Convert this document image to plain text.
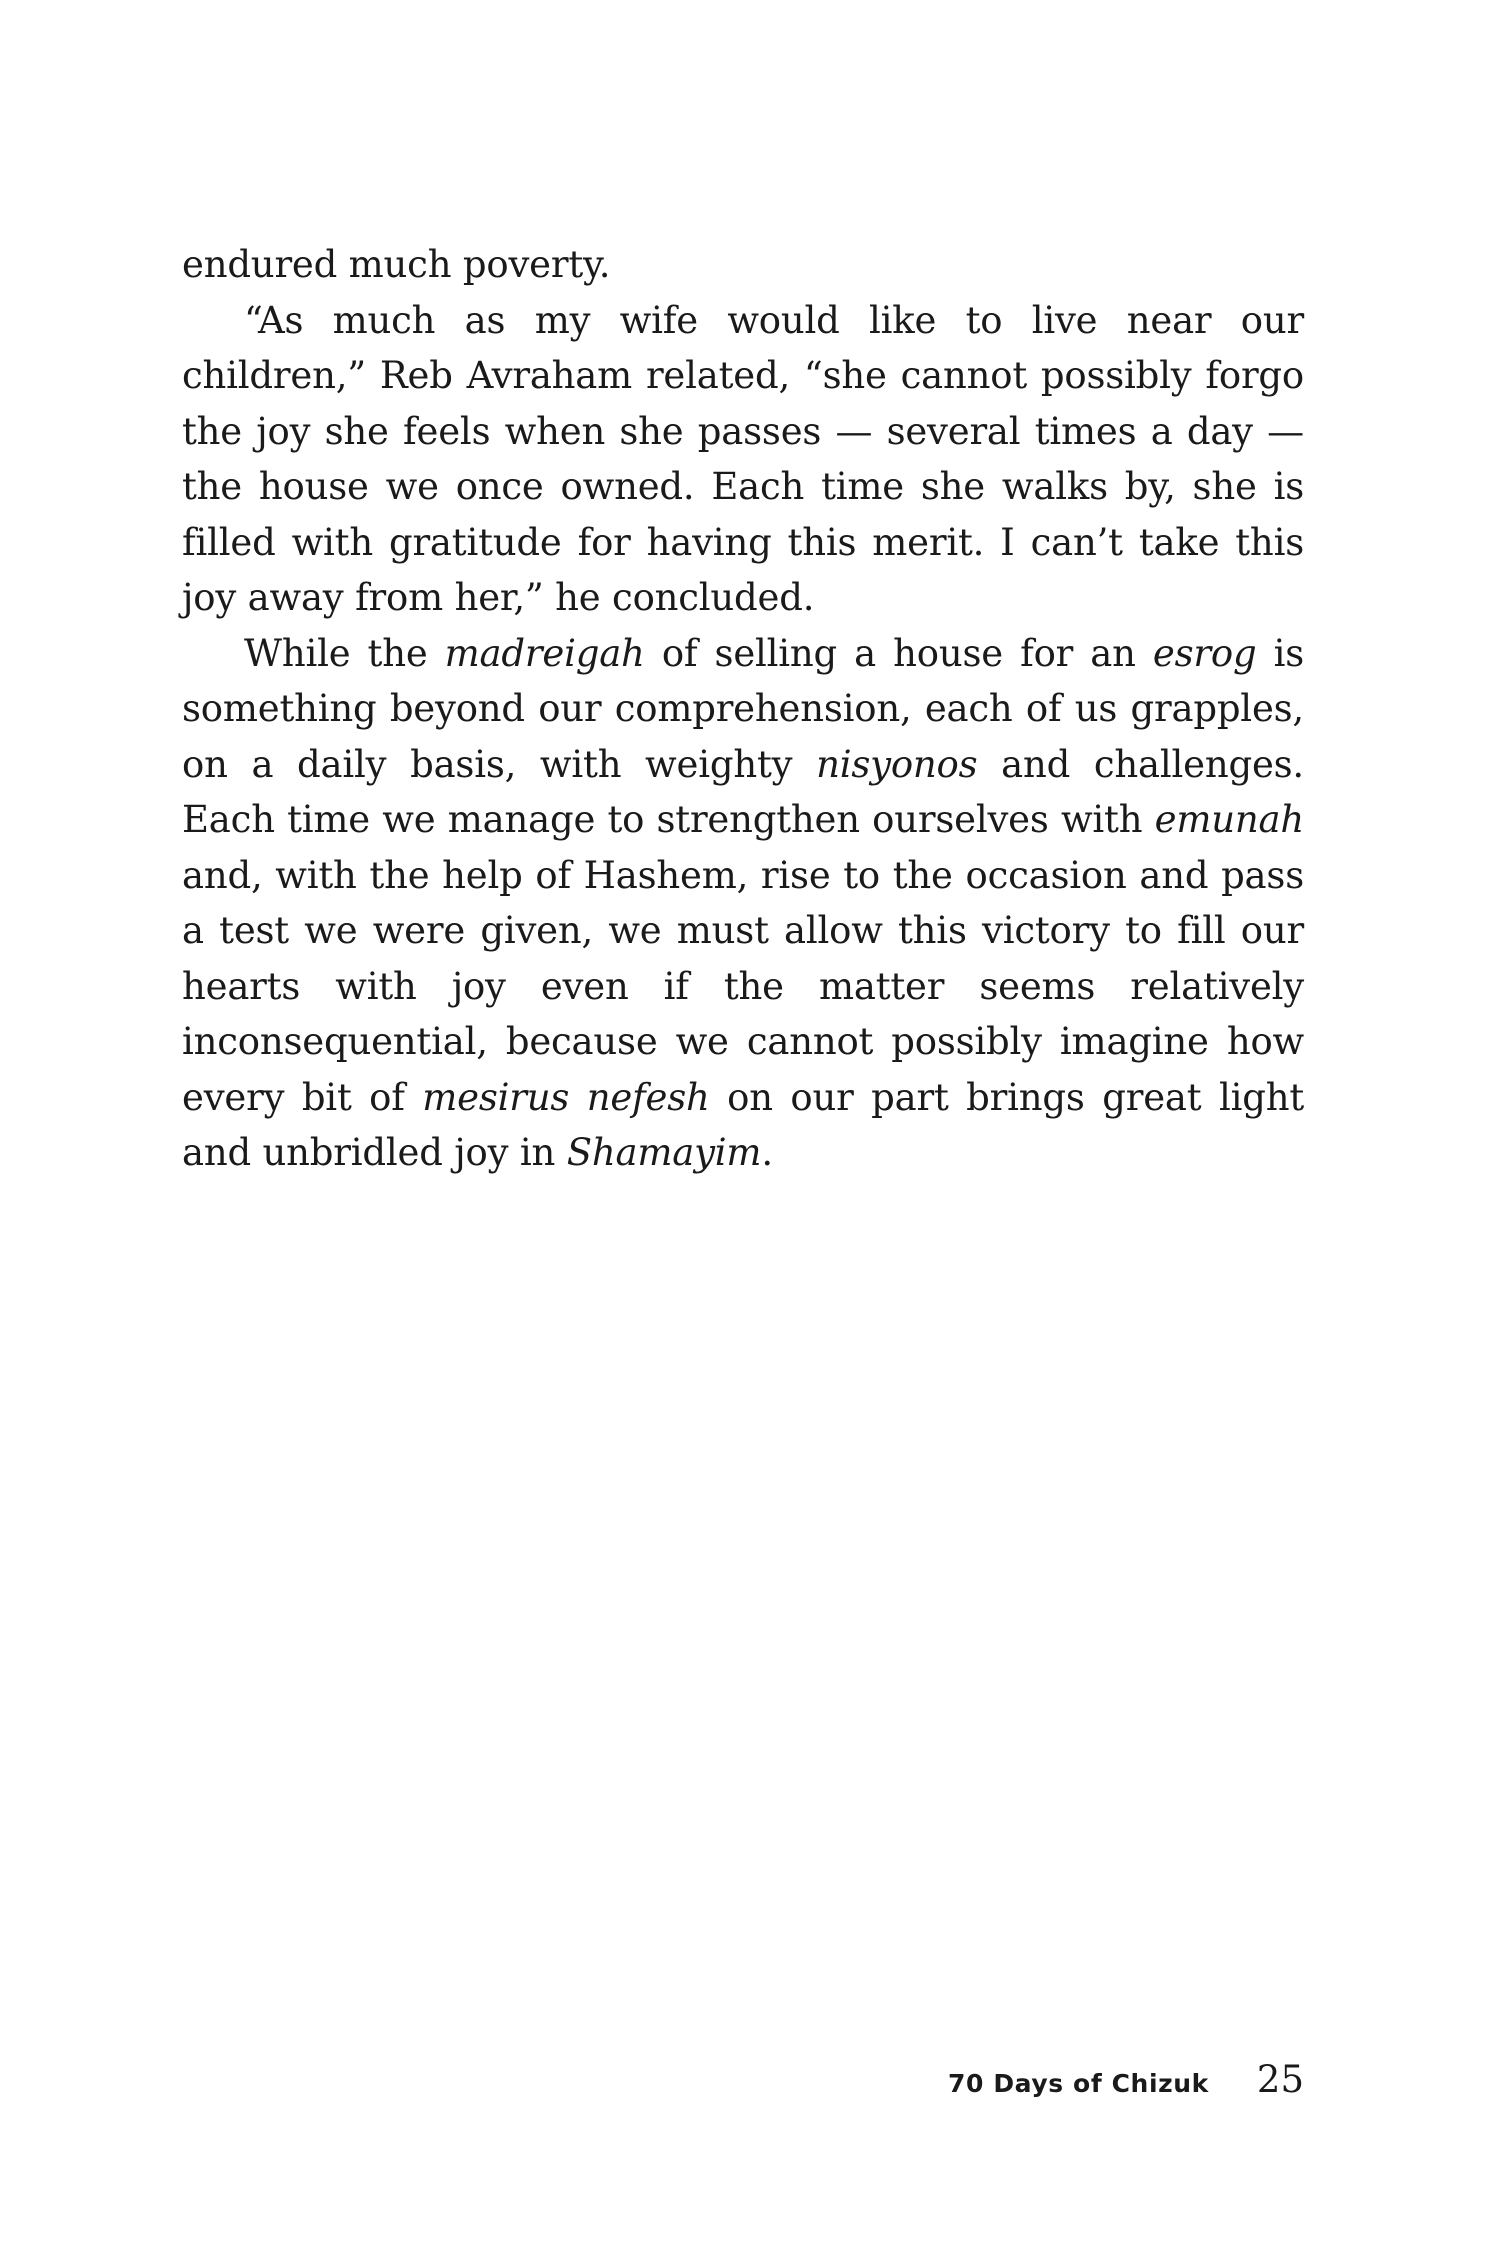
endured much poverty.

“As much as my wife would like to live near our children,” Reb Avraham related, “she cannot possibly forgo the joy she feels when she passes — several times a day — the house we once owned. Each time she walks by, she is filled with gratitude for having this merit. I can’t take this joy away from her,” he concluded.

While the madreigah of selling a house for an esrog is something beyond our comprehension, each of us grapples, on a daily basis, with weighty nisyonos and challenges. Each time we manage to strengthen ourselves with emunah and, with the help of Hashem, rise to the occasion and pass a test we were given, we must allow this victory to fill our hearts with joy even if the matter seems relatively inconsequential, because we cannot possibly imagine how every bit of mesirus nefesh on our part brings great light and unbridled joy in Shamayim.

70 Days of Chizuk 25
